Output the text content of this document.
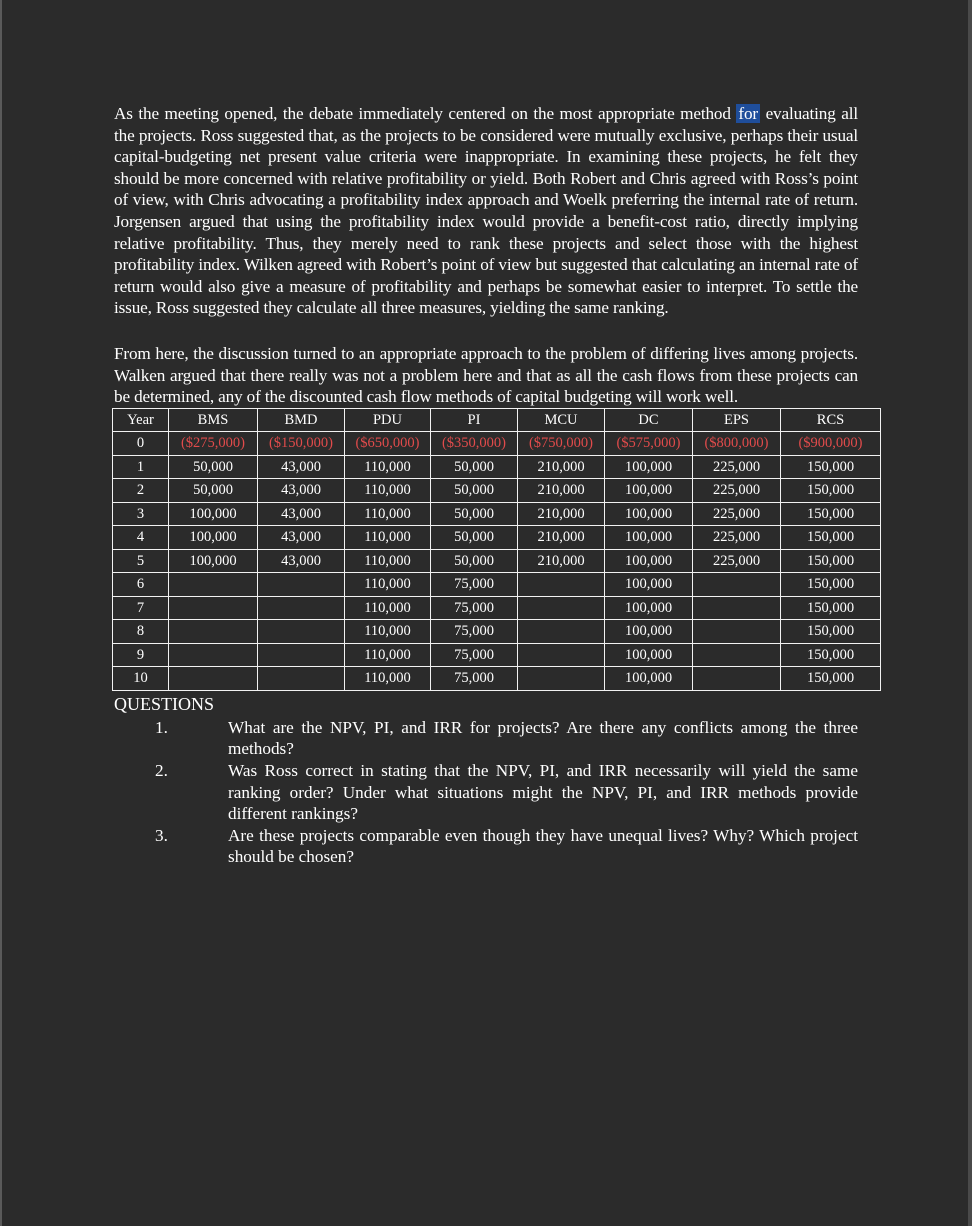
As the meeting opened, the debate immediately centered on the most appropriate method for evaluating all the projects. Ross suggested that, as the projects to be considered were mutually exclusive, perhaps their usual capital-budgeting net present value criteria were inappropriate. In examining these projects, he felt they should be more concerned with relative profitability or yield. Both Robert and Chris agreed with Ross’s point of view, with Chris advocating a profitability index approach and Woelk preferring the internal rate of return. Jorgensen argued that using the profitability index would provide a benefit-cost ratio, directly implying relative profitability. Thus, they merely need to rank these projects and select those with the highest profitability index. Wilken agreed with Robert’s point of view but suggested that calculating an internal rate of return would also give a measure of profitability and perhaps be somewhat easier to interpret. To settle the issue, Ross suggested they calculate all three measures, yielding the same ranking.

From here, the discussion turned to an appropriate approach to the problem of differing lives among projects. Walken argued that there really was not a problem here and that as all the cash flows from these projects can be determined, any of the discounted cash flow methods of capital budgeting will work well.

Year	BMS	BMD	PDU	PI	MCU	DC	EPS	RCS
0	($275,000)	($150,000)	($650,000)	($350,000)	($750,000)	($575,000)	($800,000)	($900,000)
1	50,000	43,000	110,000	50,000	210,000	100,000	225,000	150,000
2	50,000	43,000	110,000	50,000	210,000	100,000	225,000	150,000
3	100,000	43,000	110,000	50,000	210,000	100,000	225,000	150,000
4	100,000	43,000	110,000	50,000	210,000	100,000	225,000	150,000
5	100,000	43,000	110,000	50,000	210,000	100,000	225,000	150,000
6			110,000	75,000		100,000		150,000
7			110,000	75,000		100,000		150,000
8			110,000	75,000		100,000		150,000
9			110,000	75,000		100,000		150,000
10			110,000	75,000		100,000		150,000
QUESTIONS
1.	What are the NPV, PI, and IRR for projects? Are there any conflicts among the three methods?
2.	Was Ross correct in stating that the NPV, PI, and IRR necessarily will yield the same ranking order? Under what situations might the NPV, PI, and IRR methods provide different rankings?
3.	Are these projects comparable even though they have unequal lives? Why? Which project should be chosen?
